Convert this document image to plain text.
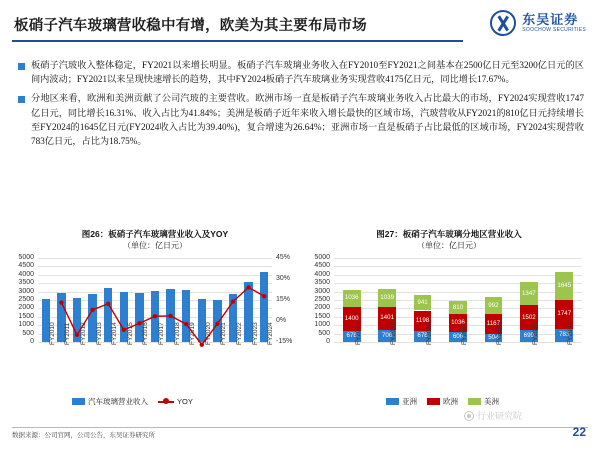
板硝子汽车玻璃营收稳中有增，欧美为其主要布局市场	东吴证券
SOOCHOW SECURITIES
板硝子汽玻收入整体稳定，FY2021以来增长明显。板硝子汽车玻璃业务收入在FY2010至FY2021之间基本在2500亿日元至3200亿日元的区间内波动；FY2021以来呈现快速增长的趋势，其中FY2024板硝子汽车玻璃业务实现营收4175亿日元，同比增长17.67%。
分地区来看，欧洲和美洲贡献了公司汽玻的主要营收。欧洲市场一直是板硝子汽车玻璃业务收入占比最大的市场，FY2024实现营收1747亿日元，同比增长16.31%、收入占比为41.84%；美洲是板硝子近年来收入增长最快的区域市场，汽玻营收从FY2021的810亿日元持续增长至FY2024的1645亿日元(FY2024收入占比为39.40%)，复合增速为26.64%；亚洲市场一直是板硝子占比最低的区域市场，FY2024实现营收783亿日元，占比为18.75%。
图26：板硝子汽车玻璃营业收入及YOY
（单位：亿日元）
0
500
1000
1500
2000
2500
3000
3500
4000
4500
5000
-15%
0%
15%
30%
45%
FY2010 FY2011 FY2012 FY2013 FY2014 FY2015 FY2016 FY2017 FY2018 FY2019 FY2020 FY2021 FY2022 FY2023 FY2024
汽车玻璃营业收入	YOY
图27：板硝子汽车玻璃分地区营业收入
（单位：亿日元）
0
500
1000
1500
2000
2500
3000
3500
4000
4500
5000
678
1400
1036
FY2018	706
1401
1039
FY2019	678
1198
941
FY2020	606
1036
810
FY2021	504
1167
992
FY2022	699
1502
1347
FY2023	783
1747
1645
FY2024
亚洲	欧洲	美洲
数据来源：公司官网，公司公告，东吴证券研究所
行业研究院
22
